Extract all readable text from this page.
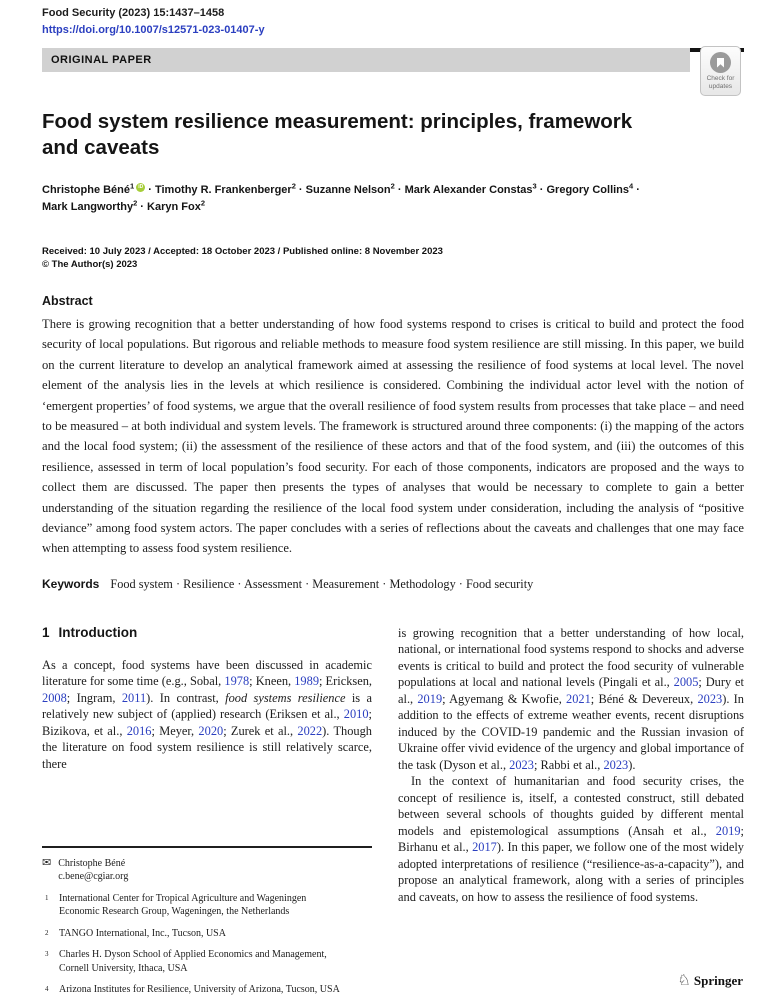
Food Security (2023) 15:1437–1458
https://doi.org/10.1007/s12571-023-01407-y
ORIGINAL PAPER
Check for
updates
Food system resilience measurement: principles, framework and caveats
Christophe Béné$^1$ iD · Timothy R. Frankenberger$^2$ · Suzanne Nelson$^2$ · Mark Alexander Constas$^3$ · Gregory Collins$^4$ · Mark Langworthy$^2$ · Karyn Fox$^2$
Received: 10 July 2023 / Accepted: 18 October 2023 / Published online: 8 November 2023
© The Author(s) 2023
Abstract

There is growing recognition that a better understanding of how food systems respond to crises is critical to build and protect the food security of local populations. But rigorous and reliable methods to measure food system resilience are still missing. In this paper, we build on the current literature to develop an analytical framework aimed at assessing the resilience of food systems at local level. The novel element of the analysis lies in the levels at which resilience is considered. Combining the individual actor level with the notion of ‘emergent properties’ of food systems, we argue that the overall resilience of food system results from processes that take place – and need to be measured – at both individual and system levels. The framework is structured around three components: (i) the mapping of the actors and the local food system; (ii) the assessment of the resilience of these actors and that of the food system, and (iii) the outcomes of this resilience, assessed in term of local population’s food security. For each of those components, indicators are proposed and the ways to collect them are discussed. The paper then presents the types of analyses that would be necessary to complete to gain a better understanding of the situation regarding the resilience of the local food system under consideration, including the analysis of “positive deviance” among food system actors. The paper concludes with a series of reflections about the caveats and challenges that one may face when attempting to assess food system resilience.

Keywords Food system · Resilience · Assessment · Measurement · Methodology · Food security
1 Introduction

As a concept, food systems have been discussed in academic literature for some time (e.g., Sobal, 1978; Kneen, 1989; Ericksen, 2008; Ingram, 2011). In contrast, food systems resilience is a relatively new subject of (applied) research (Eriksen et al., 2010; Bizikova, et al., 2016; Meyer, 2020; Zurek et al., 2022). Though the literature on food system resilience is still relatively scarce, there

✉ Christophe Béné
c.bene@cgiar.org
1 International Center for Tropical Agriculture and Wageningen Economic Research Group, Wageningen, the Netherlands
2 TANGO International, Inc., Tucson, USA
3 Charles H. Dyson School of Applied Economics and Management, Cornell University, Ithaca, USA
4 Arizona Institutes for Resilience, University of Arizona, Tucson, USA

is growing recognition that a better understanding of how local, national, or international food systems respond to shocks and adverse events is critical to build and protect the food security of vulnerable populations at local and national levels (Pingali et al., 2005; Dury et al., 2019; Agyemang & Kwofie, 2021; Béné & Devereux, 2023). In addition to the effects of extreme weather events, recent disruptions induced by the COVID-19 pandemic and the Russian invasion of Ukraine offer vivid evidence of the urgency and global importance of the task (Dyson et al., 2023; Rabbi et al., 2023).

In the context of humanitarian and food security crises, the concept of resilience is, itself, a contested construct, still debated between several schools of thoughts guided by different mental models and epistemological assumptions (Ansah et al., 2019; Birhanu et al., 2017). In this paper, we follow one of the most widely adopted interpretations of resilience (“resilience-as-a-capacity”), and propose an analytical framework, along with a series of principles and caveats, on how to assess the resilience of food systems.

♘ Springer
